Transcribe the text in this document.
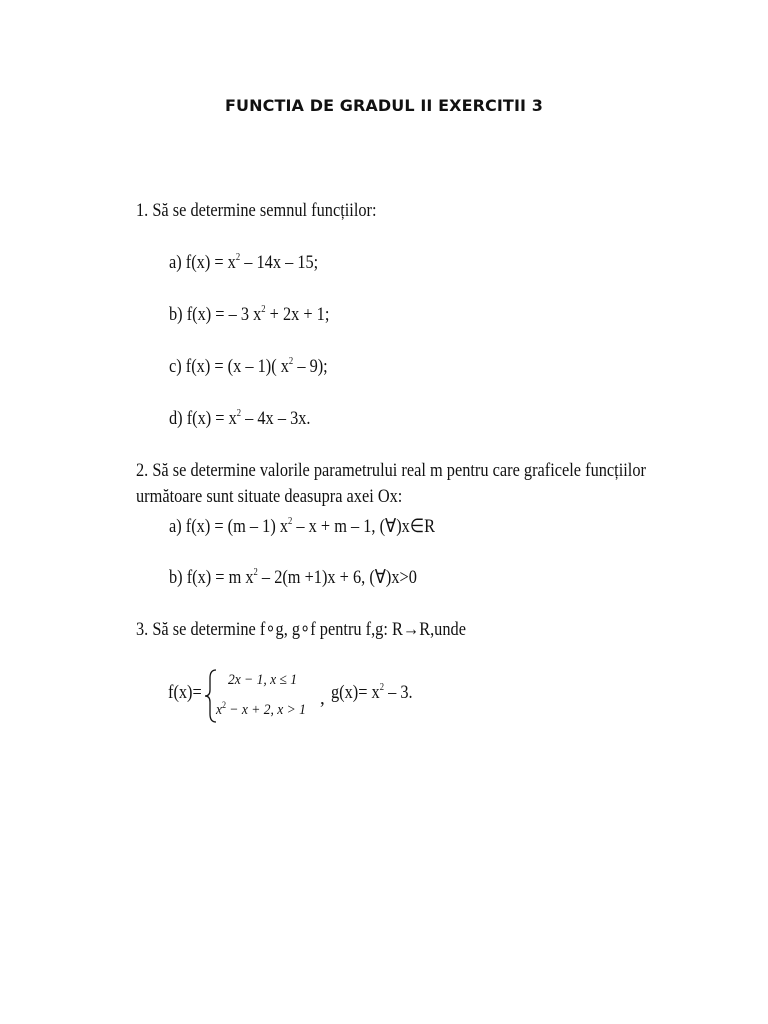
FUNCTIA DE GRADUL II EXERCITII 3
1. Să se determine semnul funcțiilor:
a) $f(x) = x^2 - 14x - 15$;
b) f(x) = – 3 $x^2 + 2x + 1$;
c) f(x) = (x – 1)( $x^2 - 9$);
d) $f(x) = x^2 - 4x - 3x$.
2. Să se determine valorile parametrului real m pentru care graficele funcțiilor
următoare sunt situate deasupra axei Ox:
a) f(x) = (m – 1) $x^2 - x + m - 1$, (∀)x∈R
b) f(x) = m $x^2 - 2(m +1)x + 6$, (∀)x>0
3. Să se determine f∘g, g∘f pentru f,g: R→R,unde
f(x)=
2x − 1, x ≤ 1
$x^2 - x + 2$, x > 1
, $g(x)= x^2 - 3$.
